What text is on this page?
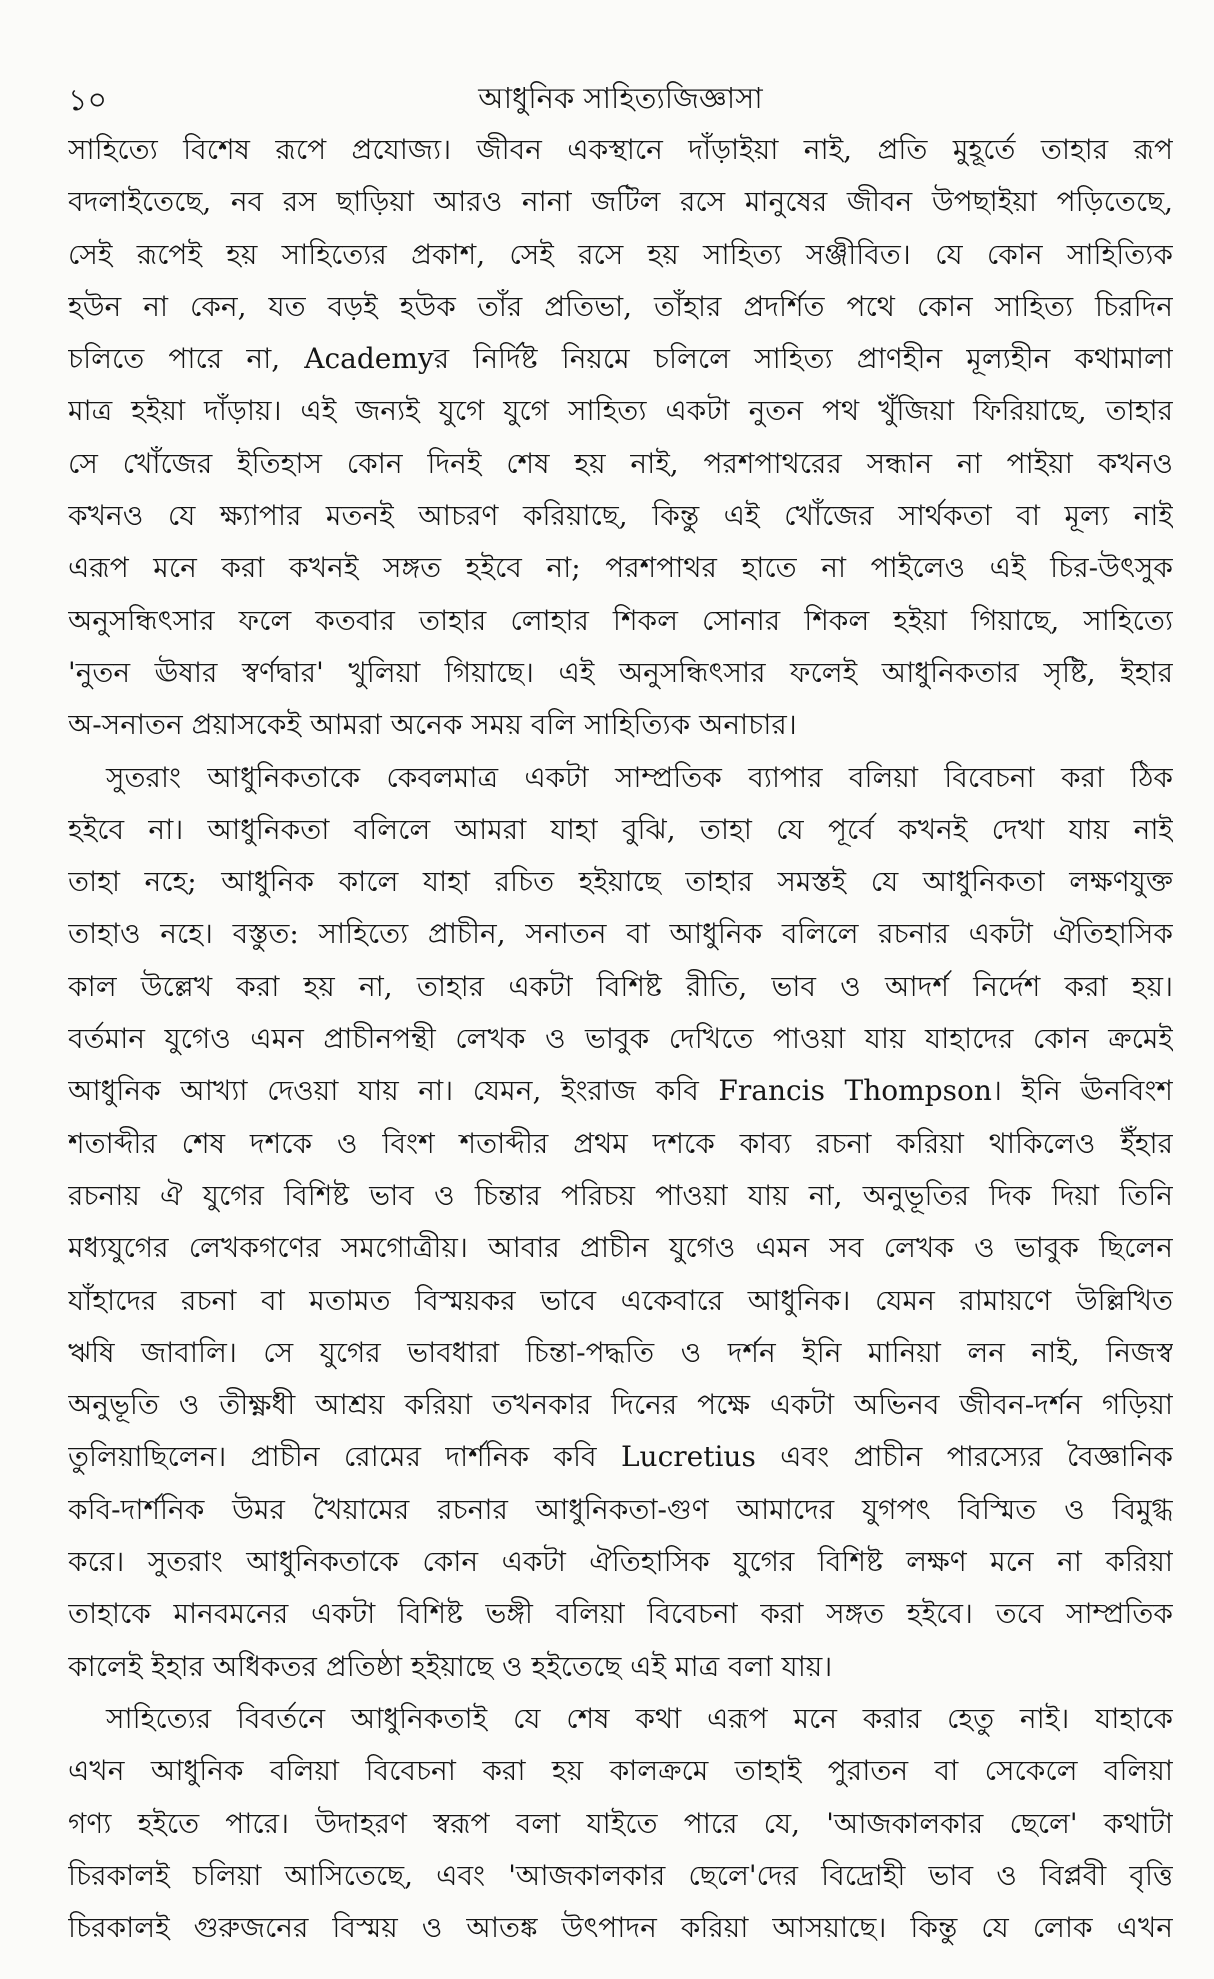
১০	আধুনিক সাহিত্যজিজ্ঞাসা
সাহিত্যে বিশেষ রূপে প্রযোজ্য। জীবন একস্থানে দাঁড়াইয়া নাই, প্রতি মুহূর্তে তাহার রূপ
বদলাইতেছে, নব রস ছাড়িয়া আরও নানা জটিল রসে মানুষের জীবন উপছাইয়া পড়িতেছে,
সেই রূপেই হয় সাহিত্যের প্রকাশ, সেই রসে হয় সাহিত্য সঞ্জীবিত। যে কোন সাহিত্যিক
হউন না কেন, যত বড়ই হউক তাঁর প্রতিভা, তাঁহার প্রদর্শিত পথে কোন সাহিত্য চিরদিন
চলিতে পারে না, Academyর নির্দিষ্ট নিয়মে চলিলে সাহিত্য প্রাণহীন মূল্যহীন কথামালা
মাত্র হইয়া দাঁড়ায়। এই জন্যই যুগে যুগে সাহিত্য একটা নুতন পথ খুঁজিয়া ফিরিয়াছে, তাহার
সে খোঁজের ইতিহাস কোন দিনই শেষ হয় নাই, পরশপাথরের সন্ধান না পাইয়া কখনও
কখনও যে ক্ষ্যাপার মতনই আচরণ করিয়াছে, কিন্তু এই খোঁজের সার্থকতা বা মূল্য নাই
এরূপ মনে করা কখনই সঙ্গত হইবে না; পরশপাথর হাতে না পাইলেও এই চির-উৎসুক
অনুসন্ধিৎসার ফলে কতবার তাহার লোহার শিকল সোনার শিকল হইয়া গিয়াছে, সাহিত্যে
'নুতন ঊষার স্বর্ণদ্বার' খুলিয়া গিয়াছে। এই অনুসন্ধিৎসার ফলেই আধুনিকতার সৃষ্টি, ইহার
অ-সনাতন প্রয়াসকেই আমরা অনেক সময় বলি সাহিত্যিক অনাচার।
সুতরাং আধুনিকতাকে কেবলমাত্র একটা সাম্প্রতিক ব্যাপার বলিয়া বিবেচনা করা ঠিক
হইবে না। আধুনিকতা বলিলে আমরা যাহা বুঝি, তাহা যে পূর্বে কখনই দেখা যায় নাই
তাহা নহে; আধুনিক কালে যাহা রচিত হইয়াছে তাহার সমস্তই যে আধুনিকতা লক্ষণযুক্ত
তাহাও নহে। বস্তুত: সাহিত্যে প্রাচীন, সনাতন বা আধুনিক বলিলে রচনার একটা ঐতিহাসিক
কাল উল্লেখ করা হয় না, তাহার একটা বিশিষ্ট রীতি, ভাব ও আদর্শ নির্দেশ করা হয়।
বর্তমান যুগেও এমন প্রাচীনপন্থী লেখক ও ভাবুক দেখিতে পাওয়া যায় যাহাদের কোন ক্রমেই
আধুনিক আখ্যা দেওয়া যায় না। যেমন, ইংরাজ কবি Francis Thompson। ইনি ঊনবিংশ
শতাব্দীর শেষ দশকে ও বিংশ শতাব্দীর প্রথম দশকে কাব্য রচনা করিয়া থাকিলেও ইঁহার
রচনায় ঐ যুগের বিশিষ্ট ভাব ও চিন্তার পরিচয় পাওয়া যায় না, অনুভূতির দিক দিয়া তিনি
মধ্যযুগের লেখকগণের সমগোত্রীয়। আবার প্রাচীন যুগেও এমন সব লেখক ও ভাবুক ছিলেন
যাঁহাদের রচনা বা মতামত বিস্ময়কর ভাবে একেবারে আধুনিক। যেমন রামায়ণে উল্লিখিত
ঋষি জাবালি। সে যুগের ভাবধারা চিন্তা-পদ্ধতি ও দর্শন ইনি মানিয়া লন নাই, নিজস্ব
অনুভূতি ও তীক্ষ্ণধী আশ্রয় করিয়া তখনকার দিনের পক্ষে একটা অভিনব জীবন-দর্শন গড়িয়া
তুলিয়াছিলেন। প্রাচীন রোমের দার্শনিক কবি Lucretius এবং প্রাচীন পারস্যের বৈজ্ঞানিক
কবি-দার্শনিক উমর খৈয়ামের রচনার আধুনিকতা-গুণ আমাদের যুগপৎ বিস্মিত ও বিমুগ্ধ
করে। সুতরাং আধুনিকতাকে কোন একটা ঐতিহাসিক যুগের বিশিষ্ট লক্ষণ মনে না করিয়া
তাহাকে মানবমনের একটা বিশিষ্ট ভঙ্গী বলিয়া বিবেচনা করা সঙ্গত হইবে। তবে সাম্প্রতিক
কালেই ইহার অধিকতর প্রতিষ্ঠা হইয়াছে ও হইতেছে এই মাত্র বলা যায়।
সাহিত্যের বিবর্তনে আধুনিকতাই যে শেষ কথা এরূপ মনে করার হেতু নাই। যাহাকে
এখন আধুনিক বলিয়া বিবেচনা করা হয় কালক্রমে তাহাই পুরাতন বা সেকেলে বলিয়া
গণ্য হইতে পারে। উদাহরণ স্বরূপ বলা যাইতে পারে যে, 'আজকালকার ছেলে' কথাটা
চিরকালই চলিয়া আসিতেছে, এবং 'আজকালকার ছেলে'দের বিদ্রোহী ভাব ও বিপ্লবী বৃত্তি
চিরকালই গুরুজনের বিস্ময় ও আতঙ্ক উৎপাদন করিয়া আসয়াছে। কিন্তু যে লোক এখন
